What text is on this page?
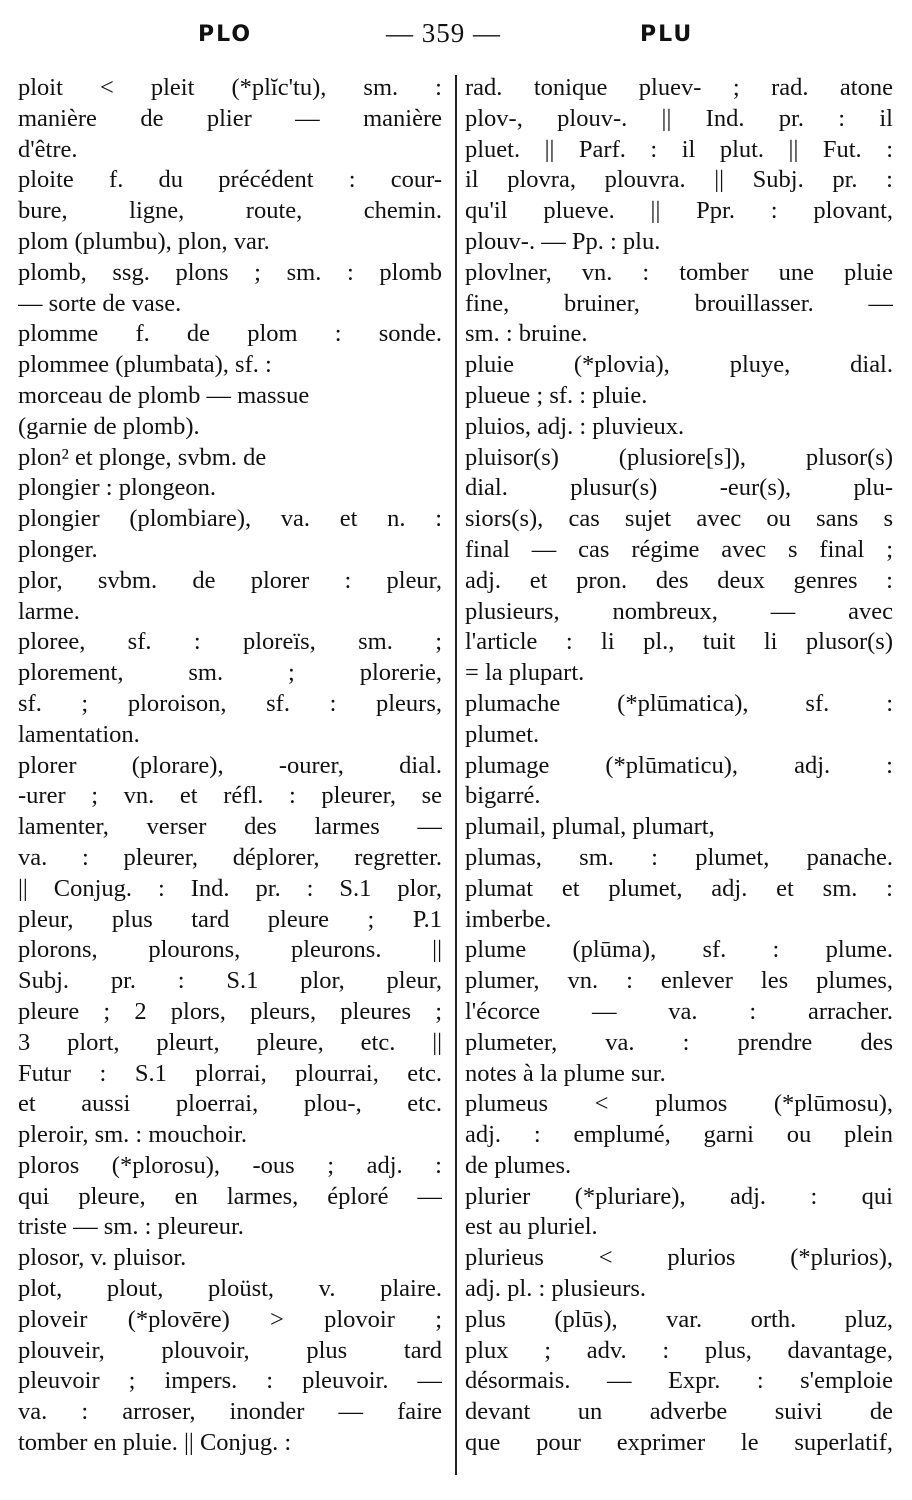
PLO	— 359 —	PLU
ploit < pleit (*plĭc'tu), sm. :
manière de plier — manière
d'être.
ploite f. du précédent : cour-
bure, ligne, route, chemin.
plom (plumbu), plon, var.
plomb, ssg. plons ; sm. : plomb
— sorte de vase.
plomme f. de plom : sonde.
plommee (plumbata), sf. :
morceau de plomb — massue
(garnie de plomb).
plon² et plonge, svbm. de
plongier : plongeon.
plongier (plombiare), va. et n. :
plonger.
plor, svbm. de plorer : pleur,
larme.
ploree, sf. : ploreïs, sm. ;
plorement, sm. ; plorerie,
sf. ; ploroison, sf. : pleurs,
lamentation.
plorer (plorare), -ourer, dial.
-urer ; vn. et réfl. : pleurer, se
lamenter, verser des larmes —
va. : pleurer, déplorer, regretter.
|| Conjug. : Ind. pr. : S.1 plor,
pleur, plus tard pleure ; P.1
plorons, plourons, pleurons. ||
Subj. pr. : S.1 plor, pleur,
pleure ; 2 plors, pleurs, pleures ;
3 plort, pleurt, pleure, etc. ||
Futur : S.1 plorrai, plourrai, etc.
et aussi ploerrai, plou-, etc.
pleroir, sm. : mouchoir.
ploros (*plorosu), -ous ; adj. :
qui pleure, en larmes, éploré —
triste — sm. : pleureur.
plosor, v. pluisor.
plot, plout, ploüst, v. plaire.
ploveir (*plovēre) > plovoir ;
plouveir, plouvoir, plus tard
pleuvoir ; impers. : pleuvoir. —
va. : arroser, inonder — faire
tomber en pluie. || Conjug. :
rad. tonique pluev- ; rad. atone
plov-, plouv-. || Ind. pr. : il
pluet. || Parf. : il plut. || Fut. :
il plovra, plouvra. || Subj. pr. :
qu'il plueve. || Ppr. : plovant,
plouv-. — Pp. : plu.
plovlner, vn. : tomber une pluie
fine, bruiner, brouillasser. —
sm. : bruine.
pluie (*plovia), pluye, dial.
plueue ; sf. : pluie.
pluios, adj. : pluvieux.
pluisor(s) (plusiore[s]), plusor(s)
dial. plusur(s) -eur(s), plu-
siors(s), cas sujet avec ou sans s
final — cas régime avec s final ;
adj. et pron. des deux genres :
plusieurs, nombreux, — avec
l'article : li pl., tuit li plusor(s)
= la plupart.
plumache (*plūmatica), sf. :
plumet.
plumage (*plūmaticu), adj. :
bigarré.
plumail, plumal, plumart,
plumas, sm. : plumet, panache.
plumat et plumet, adj. et sm. :
imberbe.
plume (plūma), sf. : plume.
plumer, vn. : enlever les plumes,
l'écorce — va. : arracher.
plumeter, va. : prendre des
notes à la plume sur.
plumeus < plumos (*plūmosu),
adj. : emplumé, garni ou plein
de plumes.
plurier (*pluriare), adj. : qui
est au pluriel.
plurieus < plurios (*plurios),
adj. pl. : plusieurs.
plus (plūs), var. orth. pluz,
plux ; adv. : plus, davantage,
désormais. — Expr. : s'emploie
devant un adverbe suivi de
que pour exprimer le superlatif,
